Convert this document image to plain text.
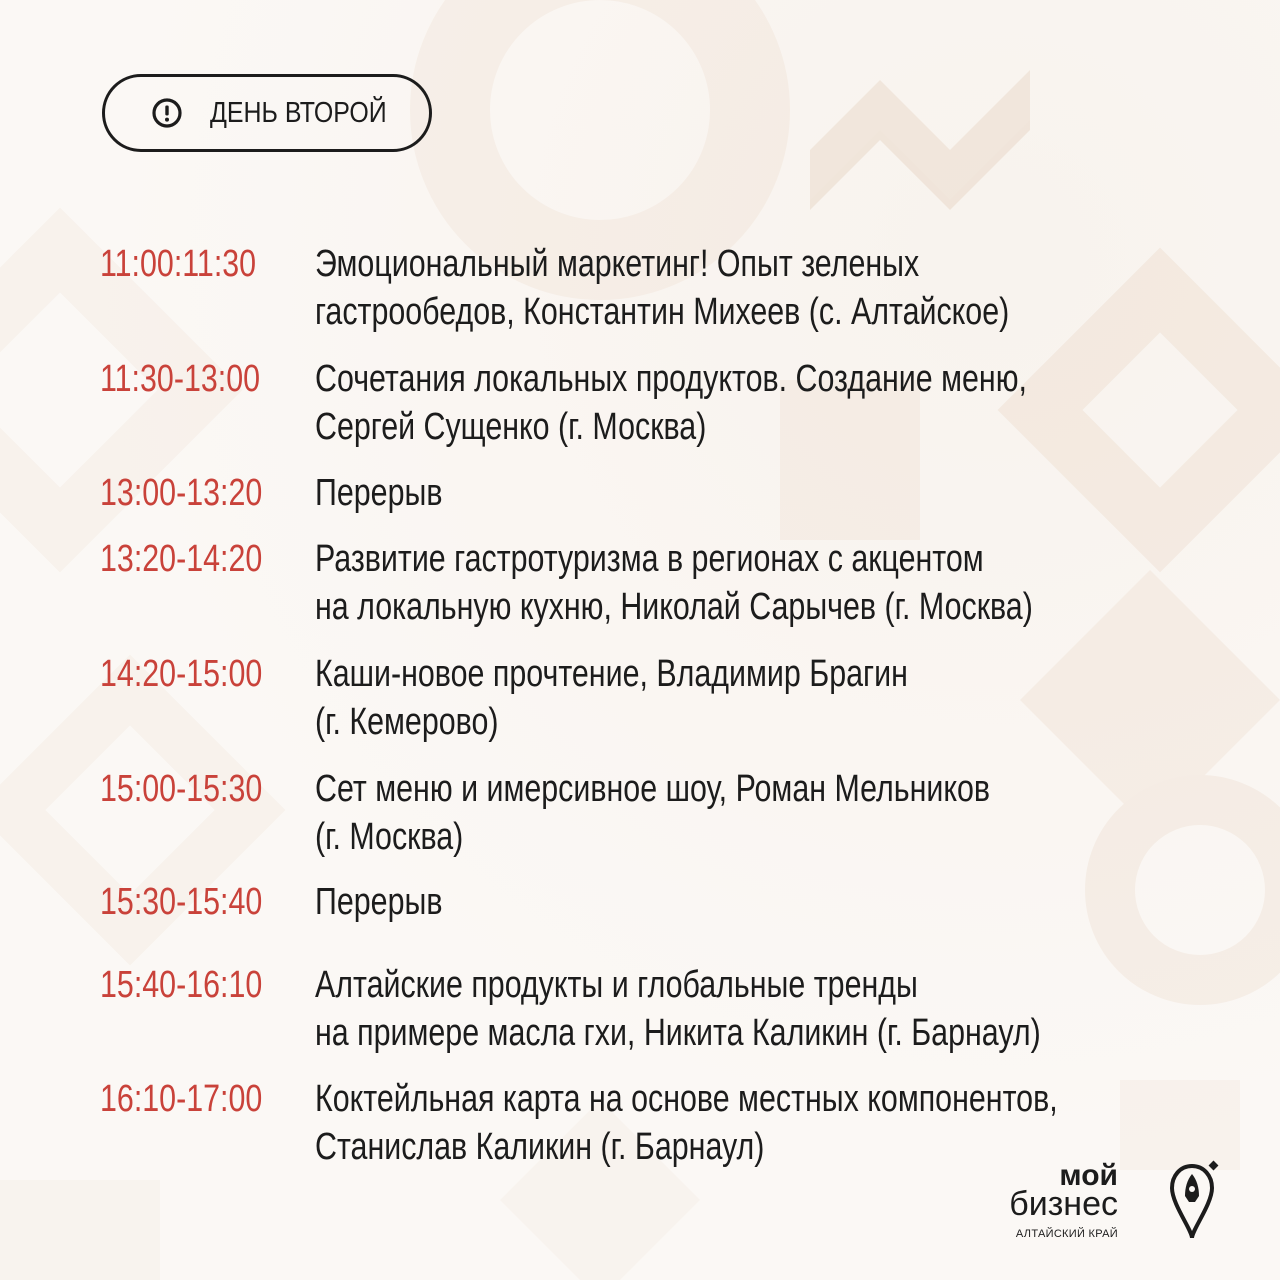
ДЕНЬ ВТОРОЙ
11:00:11:30 Эмоциональный маркетинг! Опыт зеленых
гастрообедов, Константин Михеев (с. Алтайское)
11:30-13:00 Сочетания локальных продуктов. Создание меню,
Сергей Сущенко (г. Москва)
13:00-13:20 Перерыв
13:20-14:20 Развитие гастротуризма в регионах с акцентом
на локальную кухню, Николай Сарычев (г. Москва)
14:20-15:00 Каши-новое прочтение, Владимир Брагин
(г. Кемерово)
15:00-15:30 Сет меню и имерсивное шоу, Роман Мельников
(г. Москва)
15:30-15:40 Перерыв
15:40-16:10 Алтайские продукты и глобальные тренды
на примере масла гхи, Никита Каликин (г. Барнаул)
16:10-17:00 Коктейльная карта на основе местных компонентов,
Станислав Каликин (г. Барнаул)
мой
бизнес
АЛТАЙСКИЙ КРАЙ
